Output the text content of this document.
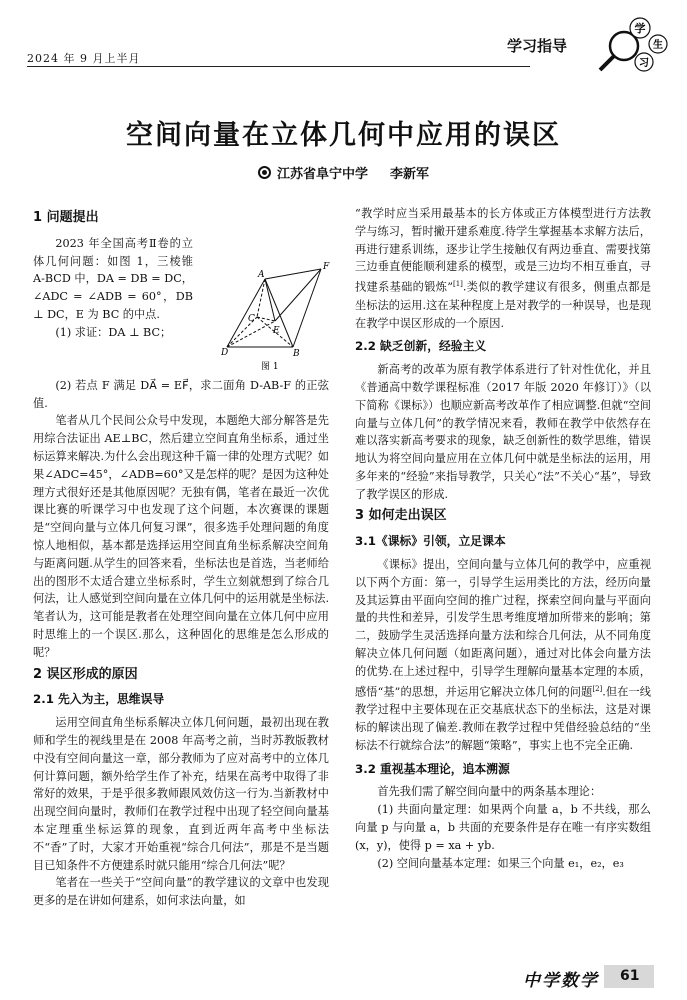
2024 年 9 月上半月
学习指导
学
生
习
空间向量在立体几何中应用的误区
江苏省阜宁中学 李新军
1 问题提出

2023 年全国高考Ⅱ卷的立体几何问题：如图 1，三棱锥 A-BCD 中，DA = DB = DC，∠ADC = ∠ADB = 60°，DB ⊥ DC，E 为 BC 的中点.

(1) 求证：DA ⊥ BC；

A
F
C
E
D	B
图 1

(2) 若点 F 满足 DA⃗ = EF⃗，求二面角 D-AB-F 的正弦值.

笔者从几个民间公众号中发现，本题绝大部分解答是先用综合法证出 AE⊥BC，然后建立空间直角坐标系，通过坐标运算来解决.为什么会出现这种千篇一律的处理方式呢？如果∠ADC=45°，∠ADB=60°又是怎样的呢？是因为这种处理方式很好还是其他原因呢？无独有偶，笔者在最近一次优课比赛的听课学习中也发现了这个问题，本次赛课的课题是“空间向量与立体几何复习课”，很多选手处理问题的角度惊人地相似，基本都是选择运用空间直角坐标系解决空间角与距离问题.从学生的回答来看，坐标法也是首选，当老师给出的图形不太适合建立坐标系时，学生立刻就想到了综合几何法，让人感觉到空间向量在立体几何中的运用就是坐标法.笔者认为，这可能是教者在处理空间向量在立体几何中应用时思维上的一个误区.那么，这种固化的思维是怎么形成的呢？

2 误区形成的原因
2.1 先入为主，思维误导

运用空间直角坐标系解决立体几何问题，最初出现在教师和学生的视线里是在 2008 年高考之前，当时苏教版教材中没有空间向量这一章，部分教师为了应对高考中的立体几何计算问题，额外给学生作了补充，结果在高考中取得了非常好的效果，于是乎很多教师跟风效仿这一行为.当新教材中出现空间向量时，教师们在教学过程中出现了轻空间向量基本定理重坐标运算的现象，直到近两年高考中坐标法不“香”了时，大家才开始重视“综合几何法”，那是不是当题目已知条件不方便建系时就只能用“综合几何法”呢？

笔者在一些关于“空间向量”的教学建议的文章中也发现更多的是在讲如何建系，如何求法向量，如

“教学时应当采用最基本的长方体或正方体模型进行方法教学与练习，暂时撇开建系难度.待学生掌握基本求解方法后，再进行建系训练，逐步让学生接触仅有两边垂直、需要找第三边垂直便能顺利建系的模型，或是三边均不相互垂直，寻找建系基础的锻炼”[1].类似的教学建议有很多，侧重点都是坐标法的运用.这在某种程度上是对教学的一种误导，也是现在教学中误区形成的一个原因.

2.2 缺乏创新，经验主义

新高考的改革为原有教学体系进行了针对性优化，并且《普通高中数学课程标准（2017 年版 2020 年修订）》（以下简称《课标》）也顺应新高考改革作了相应调整.但就“空间向量与立体几何”的教学情况来看，教师在教学中依然存在难以落实新高考要求的现象，缺乏创新性的数学思维，错误地认为将空间向量应用在立体几何中就是坐标法的运用，用多年来的“经验”来指导教学，只关心“法”不关心“基”，导致了教学误区的形成.

3 如何走出误区
3.1《课标》引领，立足课本

《课标》提出，空间向量与立体几何的教学中，应重视以下两个方面：第一，引导学生运用类比的方法，经历向量及其运算由平面向空间的推广过程，探索空间向量与平面向量的共性和差异，引发学生思考维度增加所带来的影响；第二，鼓励学生灵活选择向量方法和综合几何法，从不同角度解决立体几何问题（如距离问题），通过对比体会向量方法的优势.在上述过程中，引导学生理解向量基本定理的本质，感悟“基”的思想，并运用它解决立体几何的问题[2].但在一线教学过程中主要体现在正交基底状态下的坐标法，这是对课标的解读出现了偏差.教师在教学过程中凭借经验总结的“坐标法不行就综合法”的解题“策略”，事实上也不完全正确.

3.2 重视基本理论，追本溯源

首先我们需了解空间向量中的两条基本理论：

(1) 共面向量定理：如果两个向量 a，b 不共线，那么向量 p 与向量 a，b 共面的充要条件是存在唯一有序实数组(x，y)，使得 p = xa + yb.

(2) 空间向量基本定理：如果三个向量 e₁，e₂，e₃

中学数学	61
